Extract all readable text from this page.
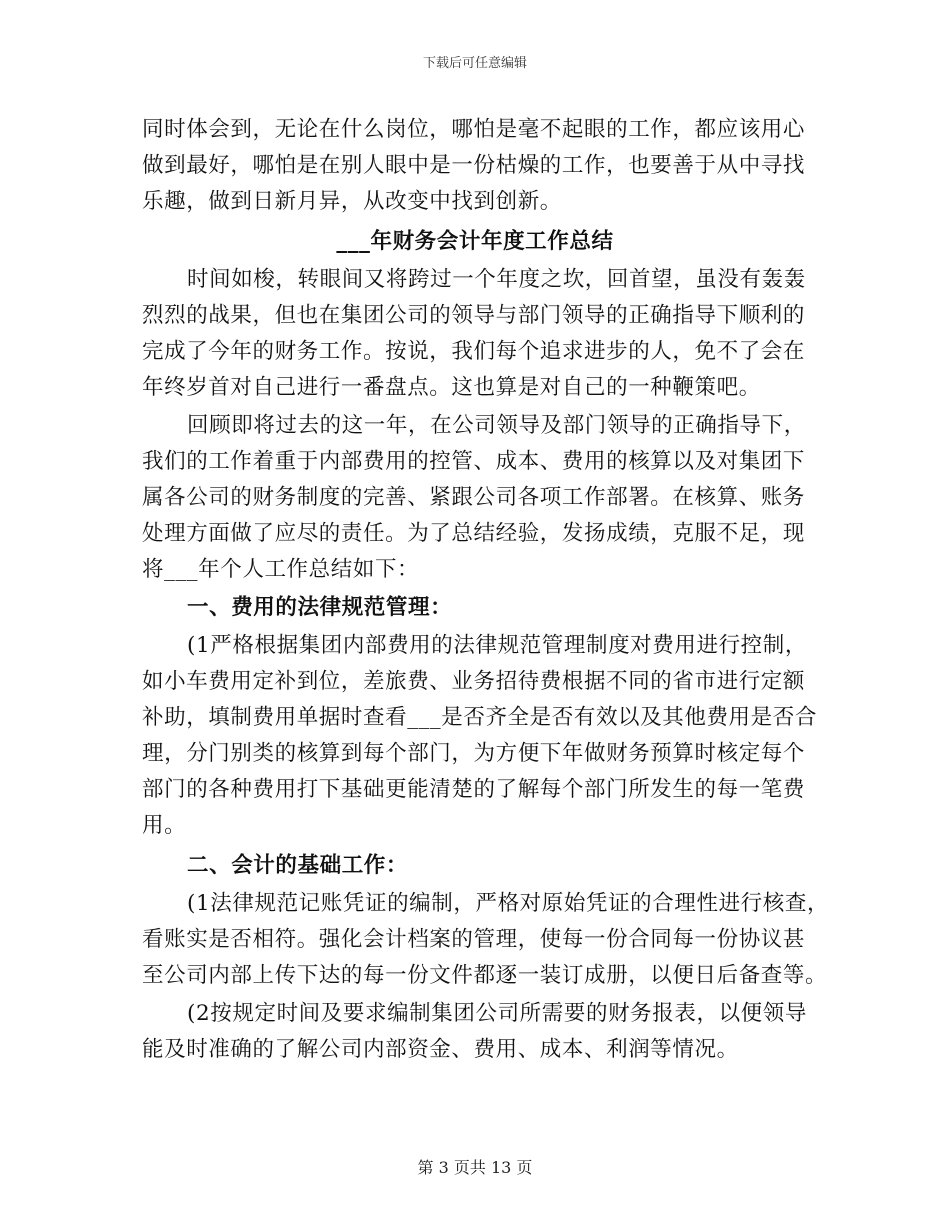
下载后可任意编辑
同时体会到，无论在什么岗位，哪怕是毫不起眼的工作，都应该用心
做到最好，哪怕是在别人眼中是一份枯燥的工作，也要善于从中寻找
乐趣，做到日新月异，从改变中找到创新。
___年财务会计年度工作总结
时间如梭，转眼间又将跨过一个年度之坎，回首望，虽没有轰轰
烈烈的战果，但也在集团公司的领导与部门领导的正确指导下顺利的
完成了今年的财务工作。按说，我们每个追求进步的人，免不了会在
年终岁首对自己进行一番盘点。这也算是对自己的一种鞭策吧。
回顾即将过去的这一年，在公司领导及部门领导的正确指导下，
我们的工作着重于内部费用的控管、成本、费用的核算以及对集团下
属各公司的财务制度的完善、紧跟公司各项工作部署。在核算、账务
处理方面做了应尽的责任。为了总结经验，发扬成绩，克服不足，现
将___年个人工作总结如下：
一、费用的法律规范管理：
(1严格根据集团内部费用的法律规范管理制度对费用进行控制，
如小车费用定补到位，差旅费、业务招待费根据不同的省市进行定额
补助，填制费用单据时查看___是否齐全是否有效以及其他费用是否合
理，分门别类的核算到每个部门，为方便下年做财务预算时核定每个
部门的各种费用打下基础更能清楚的了解每个部门所发生的每一笔费
用。
二、会计的基础工作：
(1法律规范记账凭证的编制，严格对原始凭证的合理性进行核查，
看账实是否相符。强化会计档案的管理，使每一份合同每一份协议甚
至公司内部上传下达的每一份文件都逐一装订成册，以便日后备查等。
(2按规定时间及要求编制集团公司所需要的财务报表，以便领导
能及时准确的了解公司内部资金、费用、成本、利润等情况。
第 3 页共 13 页
